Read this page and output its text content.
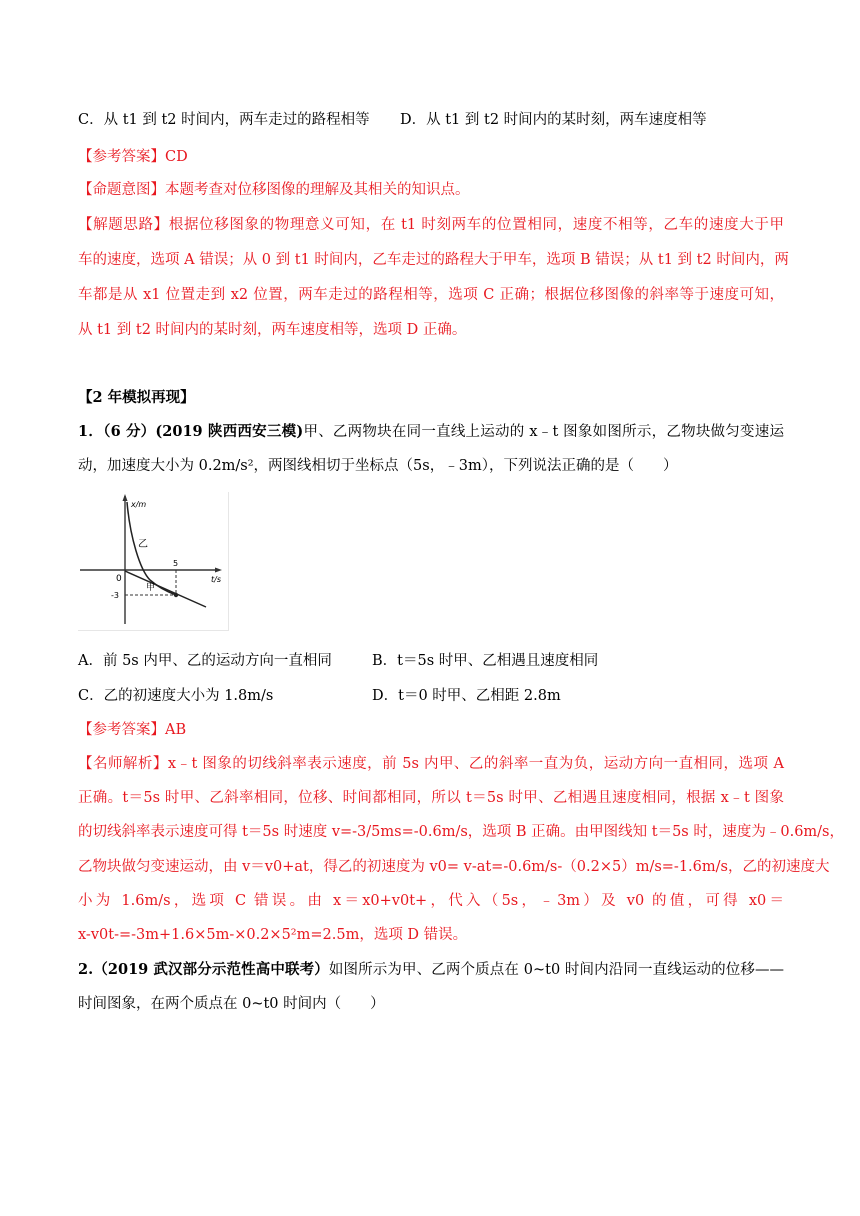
C．从 t1 到 t2 时间内，两车走过的路程相等	D．从 t1 到 t2 时间内的某时刻，两车速度相等
【参考答案】CD
【命题意图】本题考查对位移图像的理解及其相关的知识点。
【解题思路】根据位移图象的物理意义可知，在 t1 时刻两车的位置相同，速度不相等，乙车的速度大于甲
车的速度，选项 A 错误；从 0 到 t1 时间内，乙车走过的路程大于甲车，选项 B 错误；从 t1 到 t2 时间内，两
车都是从 x1 位置走到 x2 位置，两车走过的路程相等，选项 C 正确；根据位移图像的斜率等于速度可知，
从 t1 到 t2 时间内的某时刻，两车速度相等，选项 D 正确。
【2 年模拟再现】
1．（6 分）(2019 陕西西安三模)甲、乙两物块在同一直线上运动的 x﹣t 图象如图所示，乙物块做匀变速运
动，加速度大小为 0.2m/s²，两图线相切于坐标点（5s，﹣3m），下列说法正确的是（　　）
x/m
t/s
乙
甲
0
5
-3
A．前 5s 内甲、乙的运动方向一直相同	B．t＝5s 时甲、乙相遇且速度相同
C．乙的初速度大小为 1.8m/s	D．t＝0 时甲、乙相距 2.8m
【参考答案】AB
【名师解析】x﹣t 图象的切线斜率表示速度，前 5s 内甲、乙的斜率一直为负，运动方向一直相同，选项 A
正确。t＝5s 时甲、乙斜率相同，位移、时间都相同，所以 t＝5s 时甲、乙相遇且速度相同，根据 x﹣t 图象
的切线斜率表示速度可得 t＝5s 时速度 v=-3/5ms=-0.6m/s，选项 B 正确。由甲图线知 t＝5s 时，速度为﹣0.6m/s，
乙物块做匀变速运动，由 v＝v0+at，得乙的初速度为 v0= v-at=-0.6m/s-（0.2×5）m/s=-1.6m/s，乙的初速度大
小为 1.6m/s，选项 C 错误。由 x＝x0+v0t+，代入（5s，﹣3m）及 v0 的值，可得 x0＝
x-v0t-=-3m+1.6×5m-×0.2×5²m=2.5m，选项 D 错误。
2.（2019 武汉部分示范性高中联考）如图所示为甲、乙两个质点在 0~t0 时间内沿同一直线运动的位移——
时间图象，在两个质点在 0~t0 时间内（　　）
